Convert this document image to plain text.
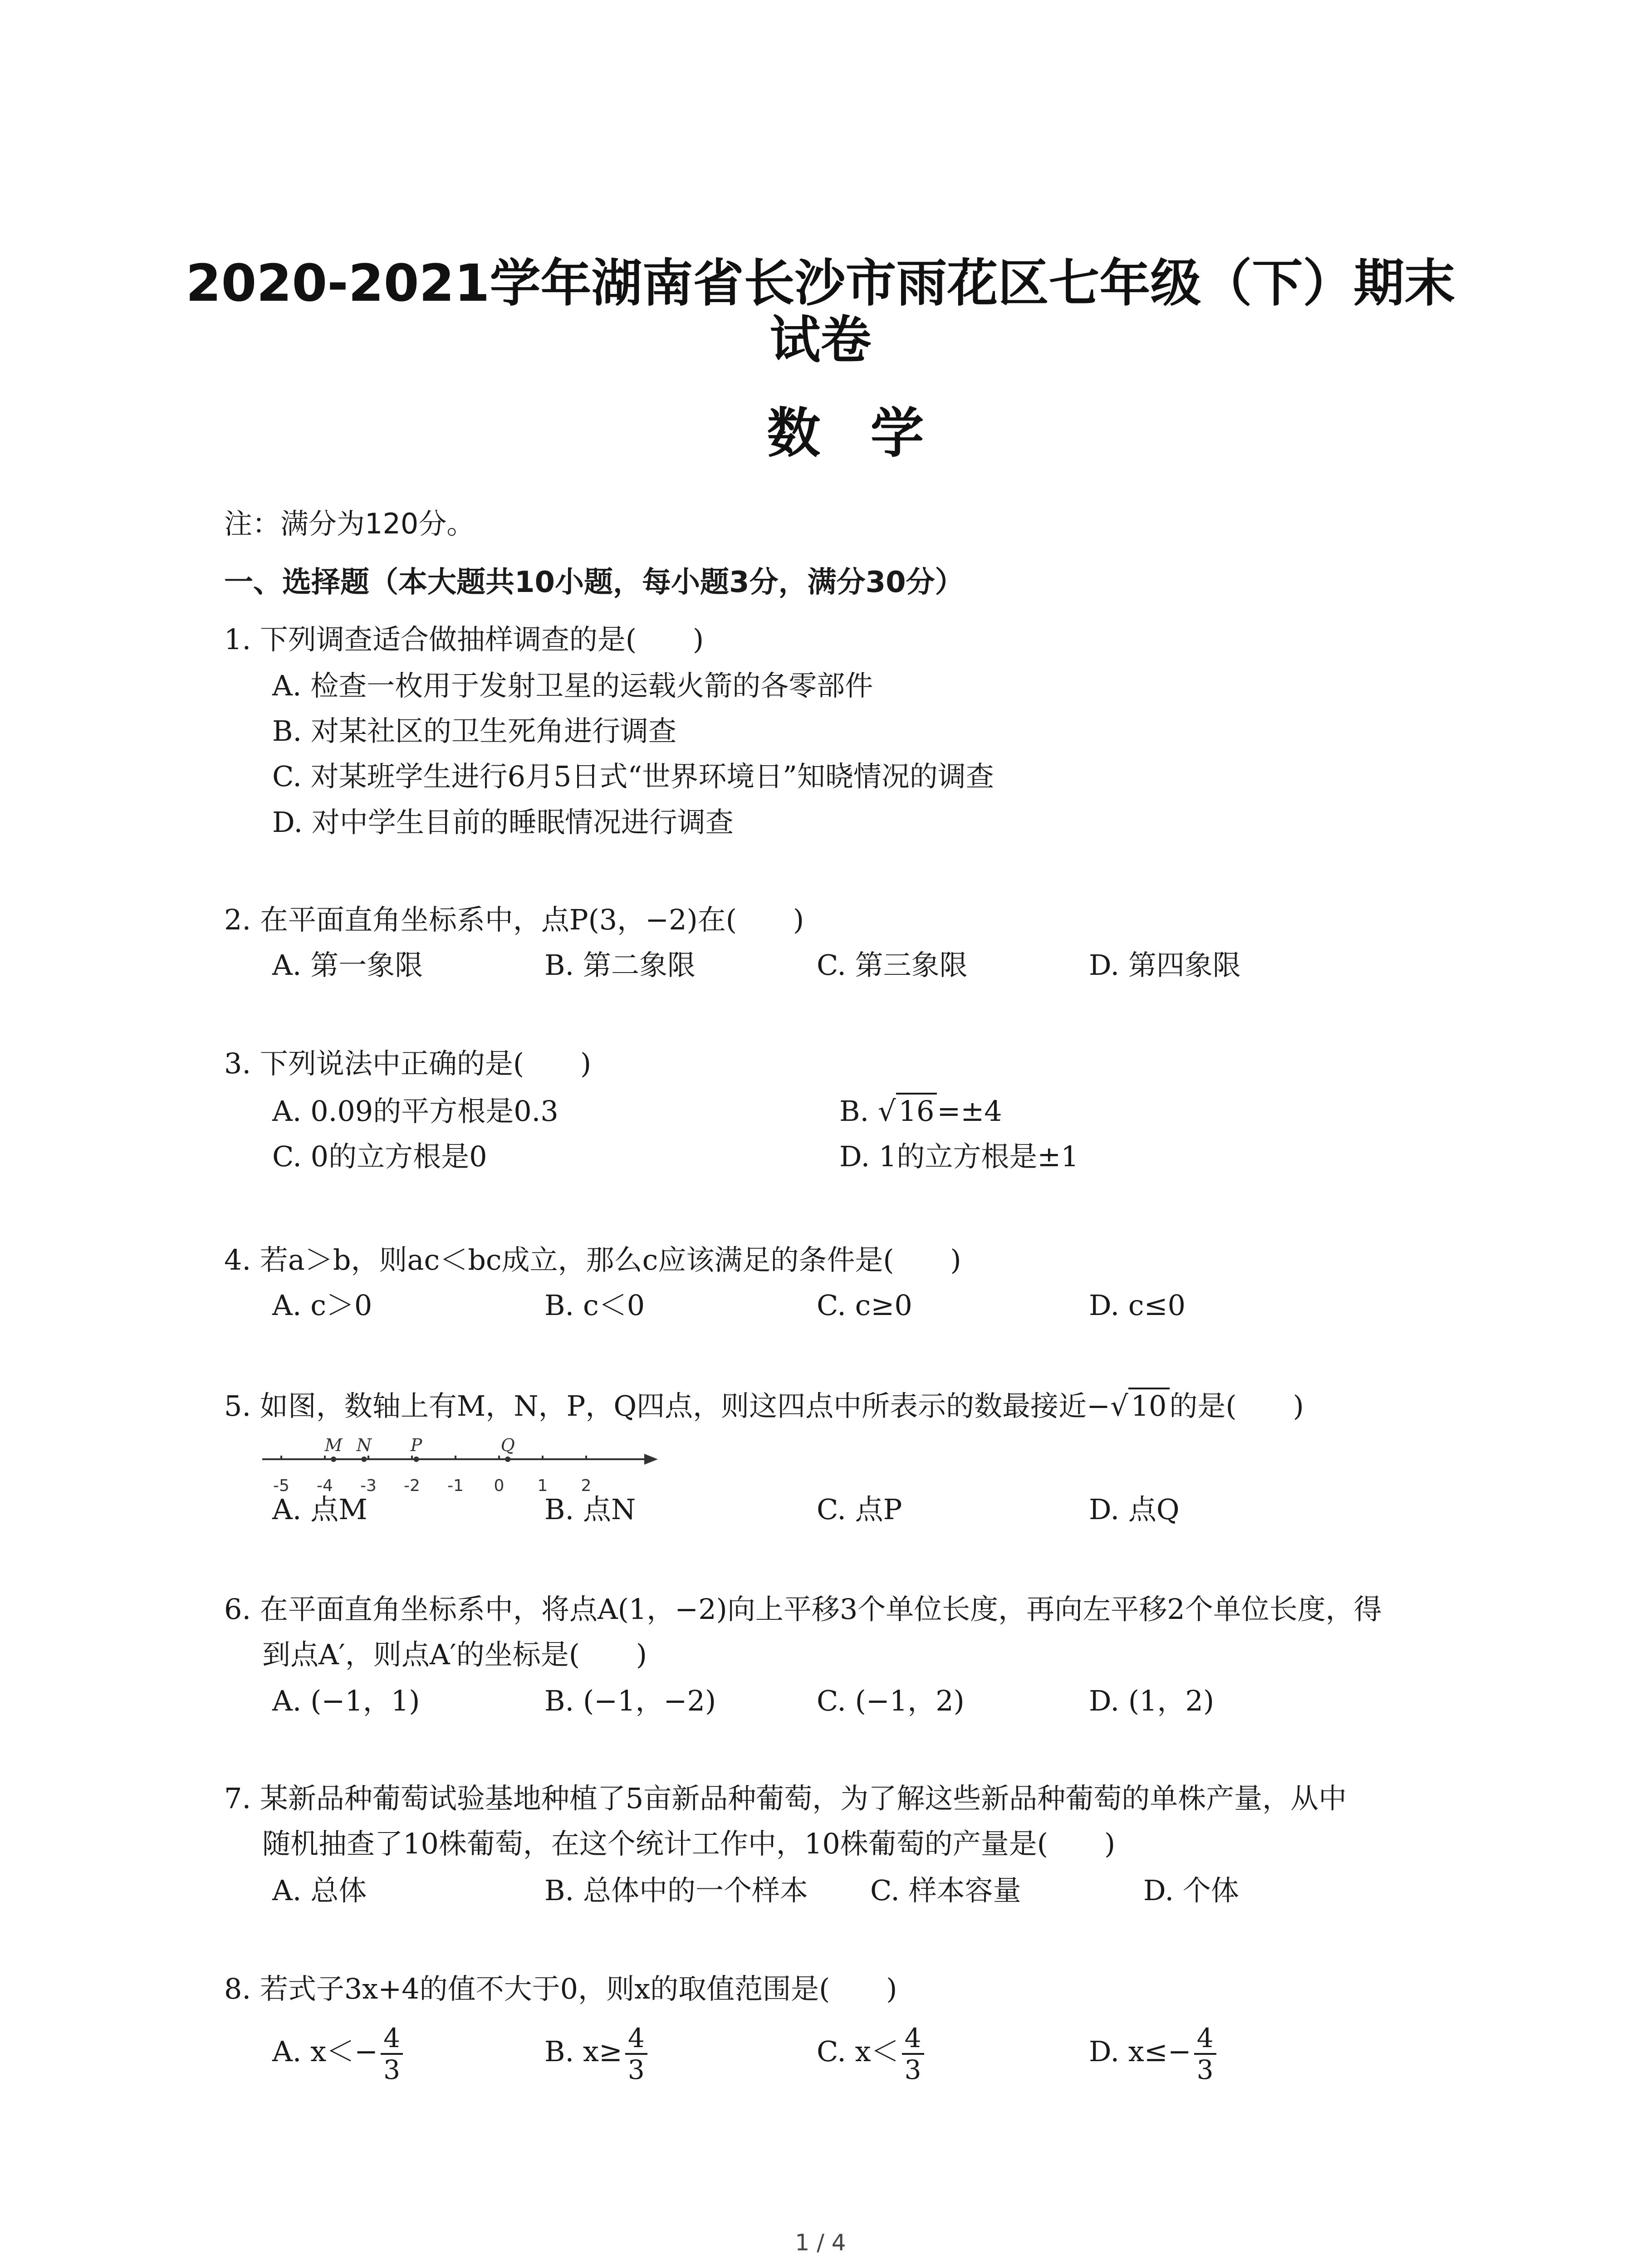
2020-2021学年湖南省长沙市雨花区七年级（下）期末
试卷
数学
注：满分为120分。
一、选择题（本大题共10小题，每小题3分，满分30分）
1. 下列调查适合做抽样调查的是(　　)
A. 检查一枚用于发射卫星的运载火箭的各零部件
B. 对某社区的卫生死角进行调查
C. 对某班学生进行6月5日式“世界环境日”知晓情况的调查
D. 对中学生目前的睡眠情况进行调查
2. 在平面直角坐标系中，点P(3，−2)在(　　)
A. 第一象限	B. 第二象限	C. 第三象限	D. 第四象限
3. 下列说法中正确的是(　　)
A. 0.09的平方根是0.3	B. √16=±4
C. 0的立方根是0	D. 1的立方根是±1
4. 若a＞b，则ac＜bc成立，那么c应该满足的条件是(　　)
A. c＞0	B. c＜0	C. c≥0	D. c≤0
5. 如图，数轴上有M，N，P，Q四点，则这四点中所表示的数最接近−√10的是(　　)
-5 -4 -3 -2 -1 0 1 2
M N P	Q
A. 点M	B. 点N	C. 点P	D. 点Q
6. 在平面直角坐标系中，将点A(1，−2)向上平移3个单位长度，再向左平移2个单位长度，得
到点A′，则点A′的坐标是(　　)
A. (−1，1)	B. (−1，−2)	C. (−1，2)	D. (1，2)
7. 某新品种葡萄试验基地种植了5亩新品种葡萄，为了解这些新品种葡萄的单株产量，从中
随机抽查了10株葡萄，在这个统计工作中，10株葡萄的产量是(　　)
A. 总体	B. 总体中的一个样本 C. 样本容量	D. 个体
8. 若式子3x+4的值不大于0，则x的取值范围是(　　)
A. $x<- \frac{4}{3}$	B. $x\ge \frac{4}{3}$	C. $x< \frac{4}{3}$	D. $x\le- \frac{4}{3}$
1 / 4
